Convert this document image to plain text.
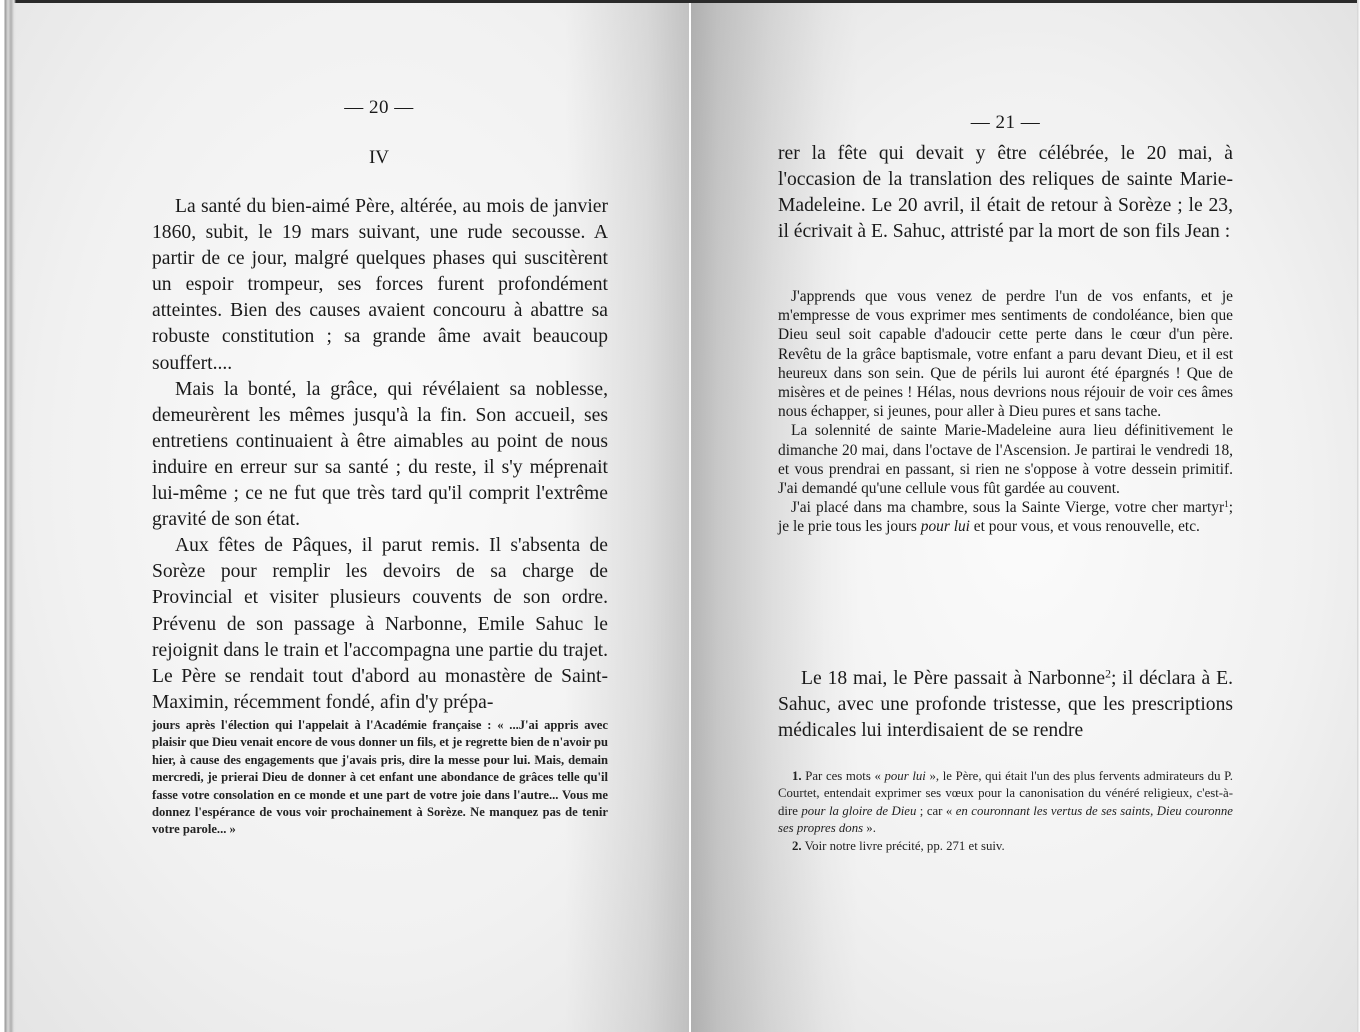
— 20 —
IV

La santé du bien-aimé Père, altérée, au mois de janvier 1860, subit, le 19 mars suivant, une rude secousse. A partir de ce jour, malgré quelques phases qui suscitèrent un espoir trompeur, ses forces furent profondément atteintes. Bien des causes avaient concouru à abattre sa robuste constitution ; sa grande âme avait beaucoup souffert....

Mais la bonté, la grâce, qui révélaient sa noblesse, demeurèrent les mêmes jusqu'à la fin. Son accueil, ses entretiens continuaient à être aimables au point de nous induire en erreur sur sa santé ; du reste, il s'y méprenait lui-même ; ce ne fut que très tard qu'il comprit l'extrême gravité de son état.

Aux fêtes de Pâques, il parut remis. Il s'absenta de Sorèze pour remplir les devoirs de sa charge de Provincial et visiter plusieurs couvents de son ordre. Prévenu de son passage à Narbonne, Emile Sahuc le rejoignit dans le train et l'accompagna une partie du trajet. Le Père se rendait tout d'abord au monastère de Saint-Maximin, récemment fondé, afin d'y prépa-

jours après l'élection qui l'appelait à l'Académie française : « ...J'ai appris avec plaisir que Dieu venait encore de vous donner un fils, et je regrette bien de n'avoir pu hier, à cause des engagements que j'avais pris, dire la messe pour lui. Mais, demain mercredi, je prierai Dieu de donner à cet enfant une abondance de grâces telle qu'il fasse votre consolation en ce monde et une part de votre joie dans l'autre... Vous me donnez l'espérance de vous voir prochainement à Sorèze. Ne manquez pas de tenir votre parole... »

— 21 —

rer la fête qui devait y être célébrée, le 20 mai, à l'occasion de la translation des reliques de sainte Marie-Madeleine. Le 20 avril, il était de retour à Sorèze ; le 23, il écrivait à E. Sahuc, attristé par la mort de son fils Jean :

J'apprends que vous venez de perdre l'un de vos enfants, et je m'empresse de vous exprimer mes sentiments de condoléance, bien que Dieu seul soit capable d'adoucir cette perte dans le cœur d'un père. Revêtu de la grâce baptismale, votre enfant a paru devant Dieu, et il est heureux dans son sein. Que de périls lui auront été épargnés ! Que de misères et de peines ! Hélas, nous devrions nous réjouir de voir ces âmes nous échapper, si jeunes, pour aller à Dieu pures et sans tache.

La solennité de sainte Marie-Madeleine aura lieu définitivement le dimanche 20 mai, dans l'octave de l'Ascension. Je partirai le vendredi 18, et vous prendrai en passant, si rien ne s'oppose à votre dessein primitif. J'ai demandé qu'une cellule vous fût gardée au couvent.

J'ai placé dans ma chambre, sous la Sainte Vierge, votre cher martyr$^1$; je le prie tous les jours pour lui et pour vous, et vous renouvelle, etc.

Le 18 mai, le Père passait à Narbonne$^2$; il déclara à E. Sahuc, avec une profonde tristesse, que les prescriptions médicales lui interdisaient de se rendre

1. Par ces mots « pour lui », le Père, qui était l'un des plus fervents admirateurs du P. Courtet, entendait exprimer ses vœux pour la canonisation du vénéré religieux, c'est-à-dire pour la gloire de Dieu ; car « en couronnant les vertus de ses saints, Dieu couronne ses propres dons ».

2. Voir notre livre précité, pp. 271 et suiv.
